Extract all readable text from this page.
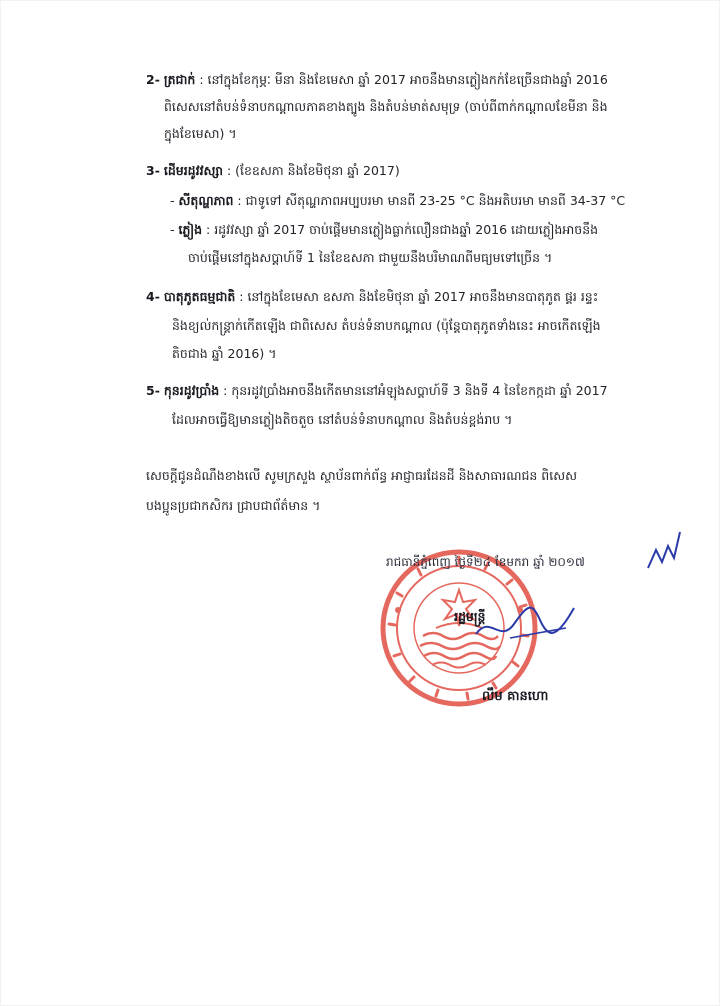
2- ត្រជាក់ : នៅក្នុងខែកុម្ភៈ មីនា និងខែមេសា ឆ្នាំ 2017 អាចនឹងមានភ្លៀងកក់ខែច្រើនជាងឆ្នាំ 2016
ពិសេសនៅតំបន់ទំនាបកណ្តាលភាគខាងត្បូង និងតំបន់មាត់សមុទ្រ (ចាប់ពីពាក់កណ្តាលខែមីនា និង
ក្នុងខែមេសា) ។
3- ដើមរដូវវស្សា : (ខែឧសភា និងខែមិថុនា ឆ្នាំ 2017)
- សីតុណ្ហភាព : ជាទូទៅ សីតុណ្ហភាពអប្បបរមា មានពី 23-25 °C និងអតិបរមា មានពី 34-37 °C
- ភ្លៀង : រដូវវស្សា ឆ្នាំ 2017 ចាប់ផ្តើមមានភ្លៀងធ្លាក់លឿនជាងឆ្នាំ 2016 ដោយភ្លៀងអាចនឹង
ចាប់ផ្តើមនៅក្នុងសប្តាហ៍ទី 1 នៃខែឧសភា ជាមួយនឹងបរិមាណពីមធ្យមទៅច្រើន ។
4- បាតុភូតធម្មជាតិ : នៅក្នុងខែមេសា ឧសភា និងខែមិថុនា ឆ្នាំ 2017 អាចនឹងមានបាតុភូត ផ្គរ រន្ទះ
និងខ្យល់កន្ត្រាក់កើតឡើង ជាពិសេស តំបន់ទំនាបកណ្តាល (ប៉ុន្តែបាតុភូតទាំងនេះ អាចកើតឡើង
តិចជាង ឆ្នាំ 2016) ។
5- កុនរដូវប្រាំង : កុនរដូវប្រាំងអាចនឹងកើតមាននៅអំឡុងសប្តាហ៍ទី 3 និងទី 4 នៃខែកក្កដា ឆ្នាំ 2017
ដែលអាចធ្វើឱ្យមានភ្លៀងតិចតួច នៅតំបន់ទំនាបកណ្តាល និងតំបន់ខ្ពង់រាប ។
សេចក្តីជូនដំណឹងខាងលើ សូមក្រសួង ស្ថាប័នពាក់ព័ន្ធ អាជ្ញាធរដែនដី និងសាធារណជន ពិសេស
បងប្អូនប្រជាកសិករ ជ្រាបជាព័ត៌មាន ។
រាជធានីភ្នំពេញ ថ្ងៃទី២៤ ខែមករា ឆ្នាំ ២០១៧
រដ្ឋមន្ត្រី
លឹម គានហោ
